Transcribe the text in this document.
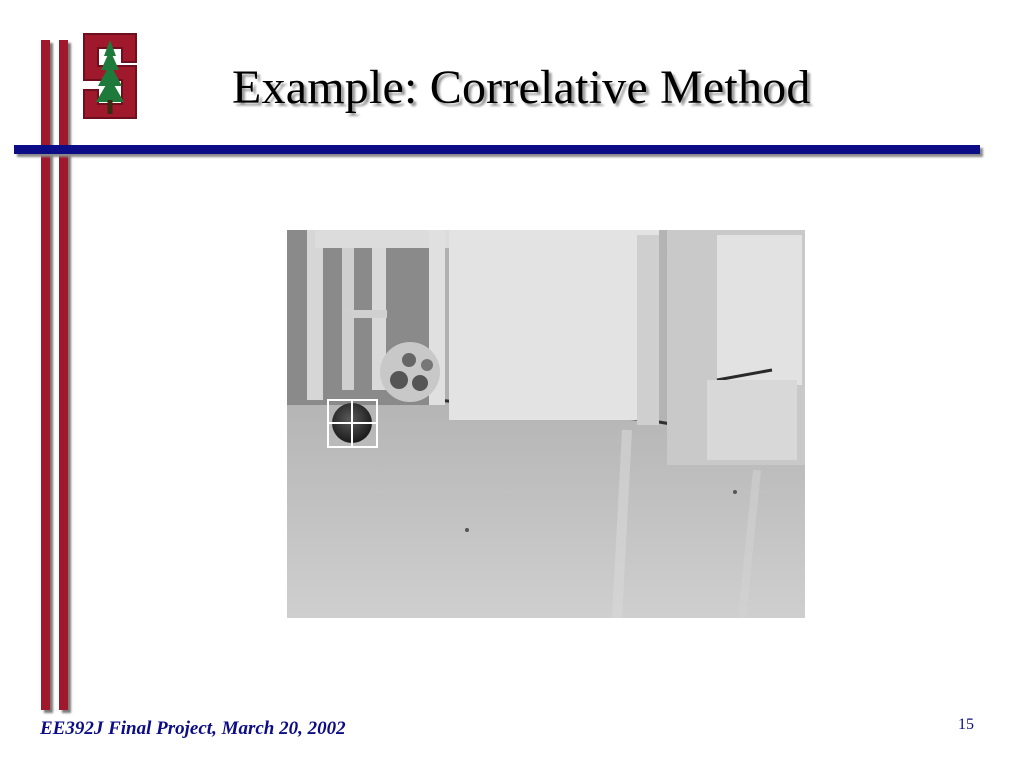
Example: Correlative Method
EE392J Final Project, March 20, 2002	15
